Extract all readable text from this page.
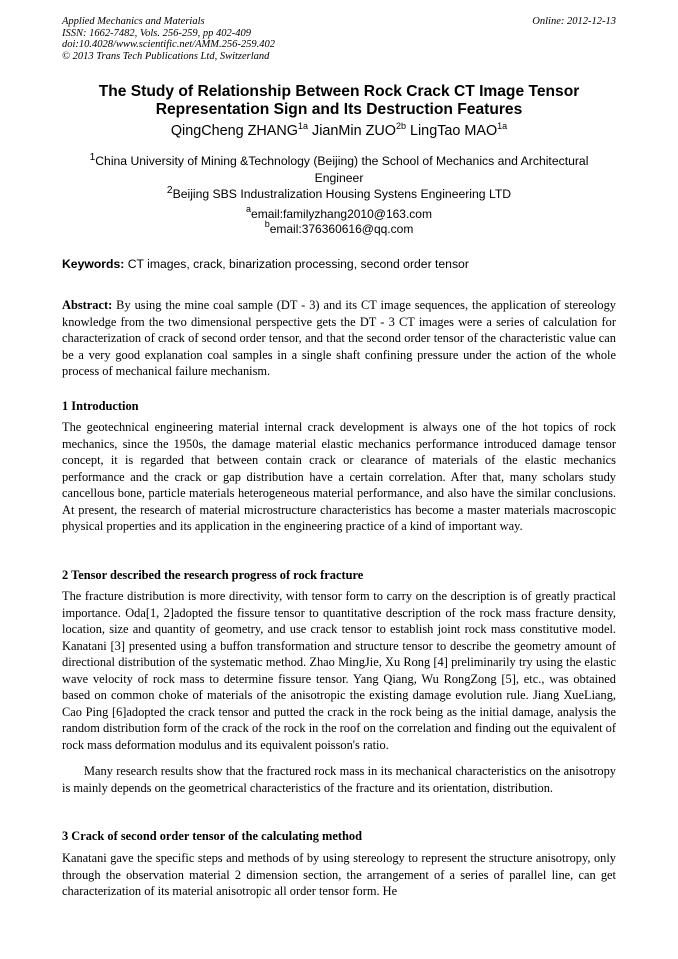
Applied Mechanics and Materials
ISSN: 1662-7482, Vols. 256-259, pp 402-409
doi:10.4028/www.scientific.net/AMM.256-259.402
© 2013 Trans Tech Publications Ltd, Switzerland
Online: 2012-12-13
The Study of Relationship Between Rock Crack CT Image Tensor
Representation Sign and Its Destruction Features
QingCheng $ZHANG^{1a}$ JianMin $ZUO^{2b}$ LingTao $MAO^{1a}$
$^1$China University of Mining &Technology (Beijing) the School of Mechanics and Architectural
Engineer
$^2$Beijing SBS Industralization Housing Systens Engineering LTD
$^a$email:familyzhang2010@163.com
$^b$email:376360616@qq.com
Keywords: CT images, crack, binarization processing, second order tensor
Abstract: By using the mine coal sample (DT - 3) and its CT image sequences, the application of stereology knowledge from the two dimensional perspective gets the DT - 3 CT images were a series of calculation for characterization of crack of second order tensor, and that the second order tensor of the characteristic value can be a very good explanation coal samples in a single shaft confining pressure under the action of the whole process of mechanical failure mechanism.
1 Introduction
The geotechnical engineering material internal crack development is always one of the hot topics of rock mechanics, since the 1950s, the damage material elastic mechanics performance introduced damage tensor concept, it is regarded that between contain crack or clearance of materials of the elastic mechanics performance and the crack or gap distribution have a certain correlation. After that, many scholars study cancellous bone, particle materials heterogeneous material performance, and also have the similar conclusions. At present, the research of material microstructure characteristics has become a master materials macroscopic physical properties and its application in the engineering practice of a kind of important way.
2 Tensor described the research progress of rock fracture
The fracture distribution is more directivity, with tensor form to carry on the description is of greatly practical importance. Oda[1, 2]adopted the fissure tensor to quantitative description of the rock mass fracture density, location, size and quantity of geometry, and use crack tensor to establish joint rock mass constitutive model. Kanatani [3] presented using a buffon transformation and structure tensor to describe the geometry amount of directional distribution of the systematic method. Zhao MingJie, Xu Rong [4] preliminarily try using the elastic wave velocity of rock mass to determine fissure tensor. Yang Qiang, Wu RongZong [5], etc., was obtained based on common choke of materials of the anisotropic the existing damage evolution rule. Jiang XueLiang, Cao Ping [6]adopted the crack tensor and putted the crack in the rock being as the initial damage, analysis the random distribution form of the crack of the rock in the roof on the correlation and finding out the equivalent of rock mass deformation modulus and its equivalent poisson's ratio.
Many research results show that the fractured rock mass in its mechanical characteristics on the anisotropy is mainly depends on the geometrical characteristics of the fracture and its orientation, distribution.
3 Crack of second order tensor of the calculating method
Kanatani gave the specific steps and methods of by using stereology to represent the structure anisotropy, only through the observation material 2 dimension section, the arrangement of a series of parallel line, can get characterization of its material anisotropic all order tensor form. He
